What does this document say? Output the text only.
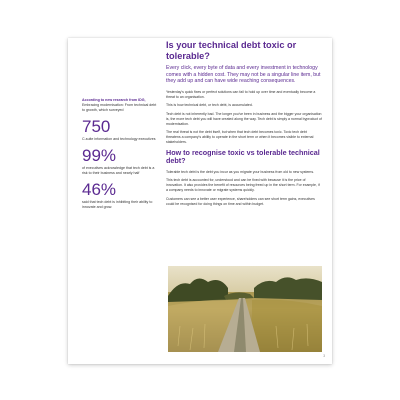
Is your technical debt toxic or tolerable?

Every click, every byte of data and every investment in technology comes with a hidden cost. They may not be a singular line item, but they add up and can have wide reaching consequences.

Yesterday's quick fixes or perfect solutions can fail to hold up over time and eventually become a threat to an organisation.

This is how technical debt, or tech debt, is accumulated.

Tech debt is not inherently bad. The longer you've been in business and the bigger your organisation is, the more tech debt you will have created along the way. Tech debt is simply a normal byproduct of modernisation.

The real threat is not the debt itself, but when that tech debt becomes toxic. Toxic tech debt threatens a company's ability to operate in the short term or when it becomes visible to external stakeholders.

How to recognise toxic vs tolerable technical debt?

Tolerable tech debt is the debt you incur as you migrate your business from old to new systems.

This tech debt is accounted for, understood and can be fixed with because it is the price of innovation. It also provides the benefit of resources being freed up in the short term. For example, if a company needs to innovate or migrate systems quickly.

Customers can see a better user experience, shareholders can see short term gains, executives could be recognised for doing things on time and within budget.

According to new research from IDG,
Embracing modernisation: From technical debt to growth, which surveyed

750

C-suite information and technology executives

99%

of executives acknowledge that tech debt is a risk to their business and nearly half

46%

said that tech debt is inhibiting their ability to innovate and grow.

3
